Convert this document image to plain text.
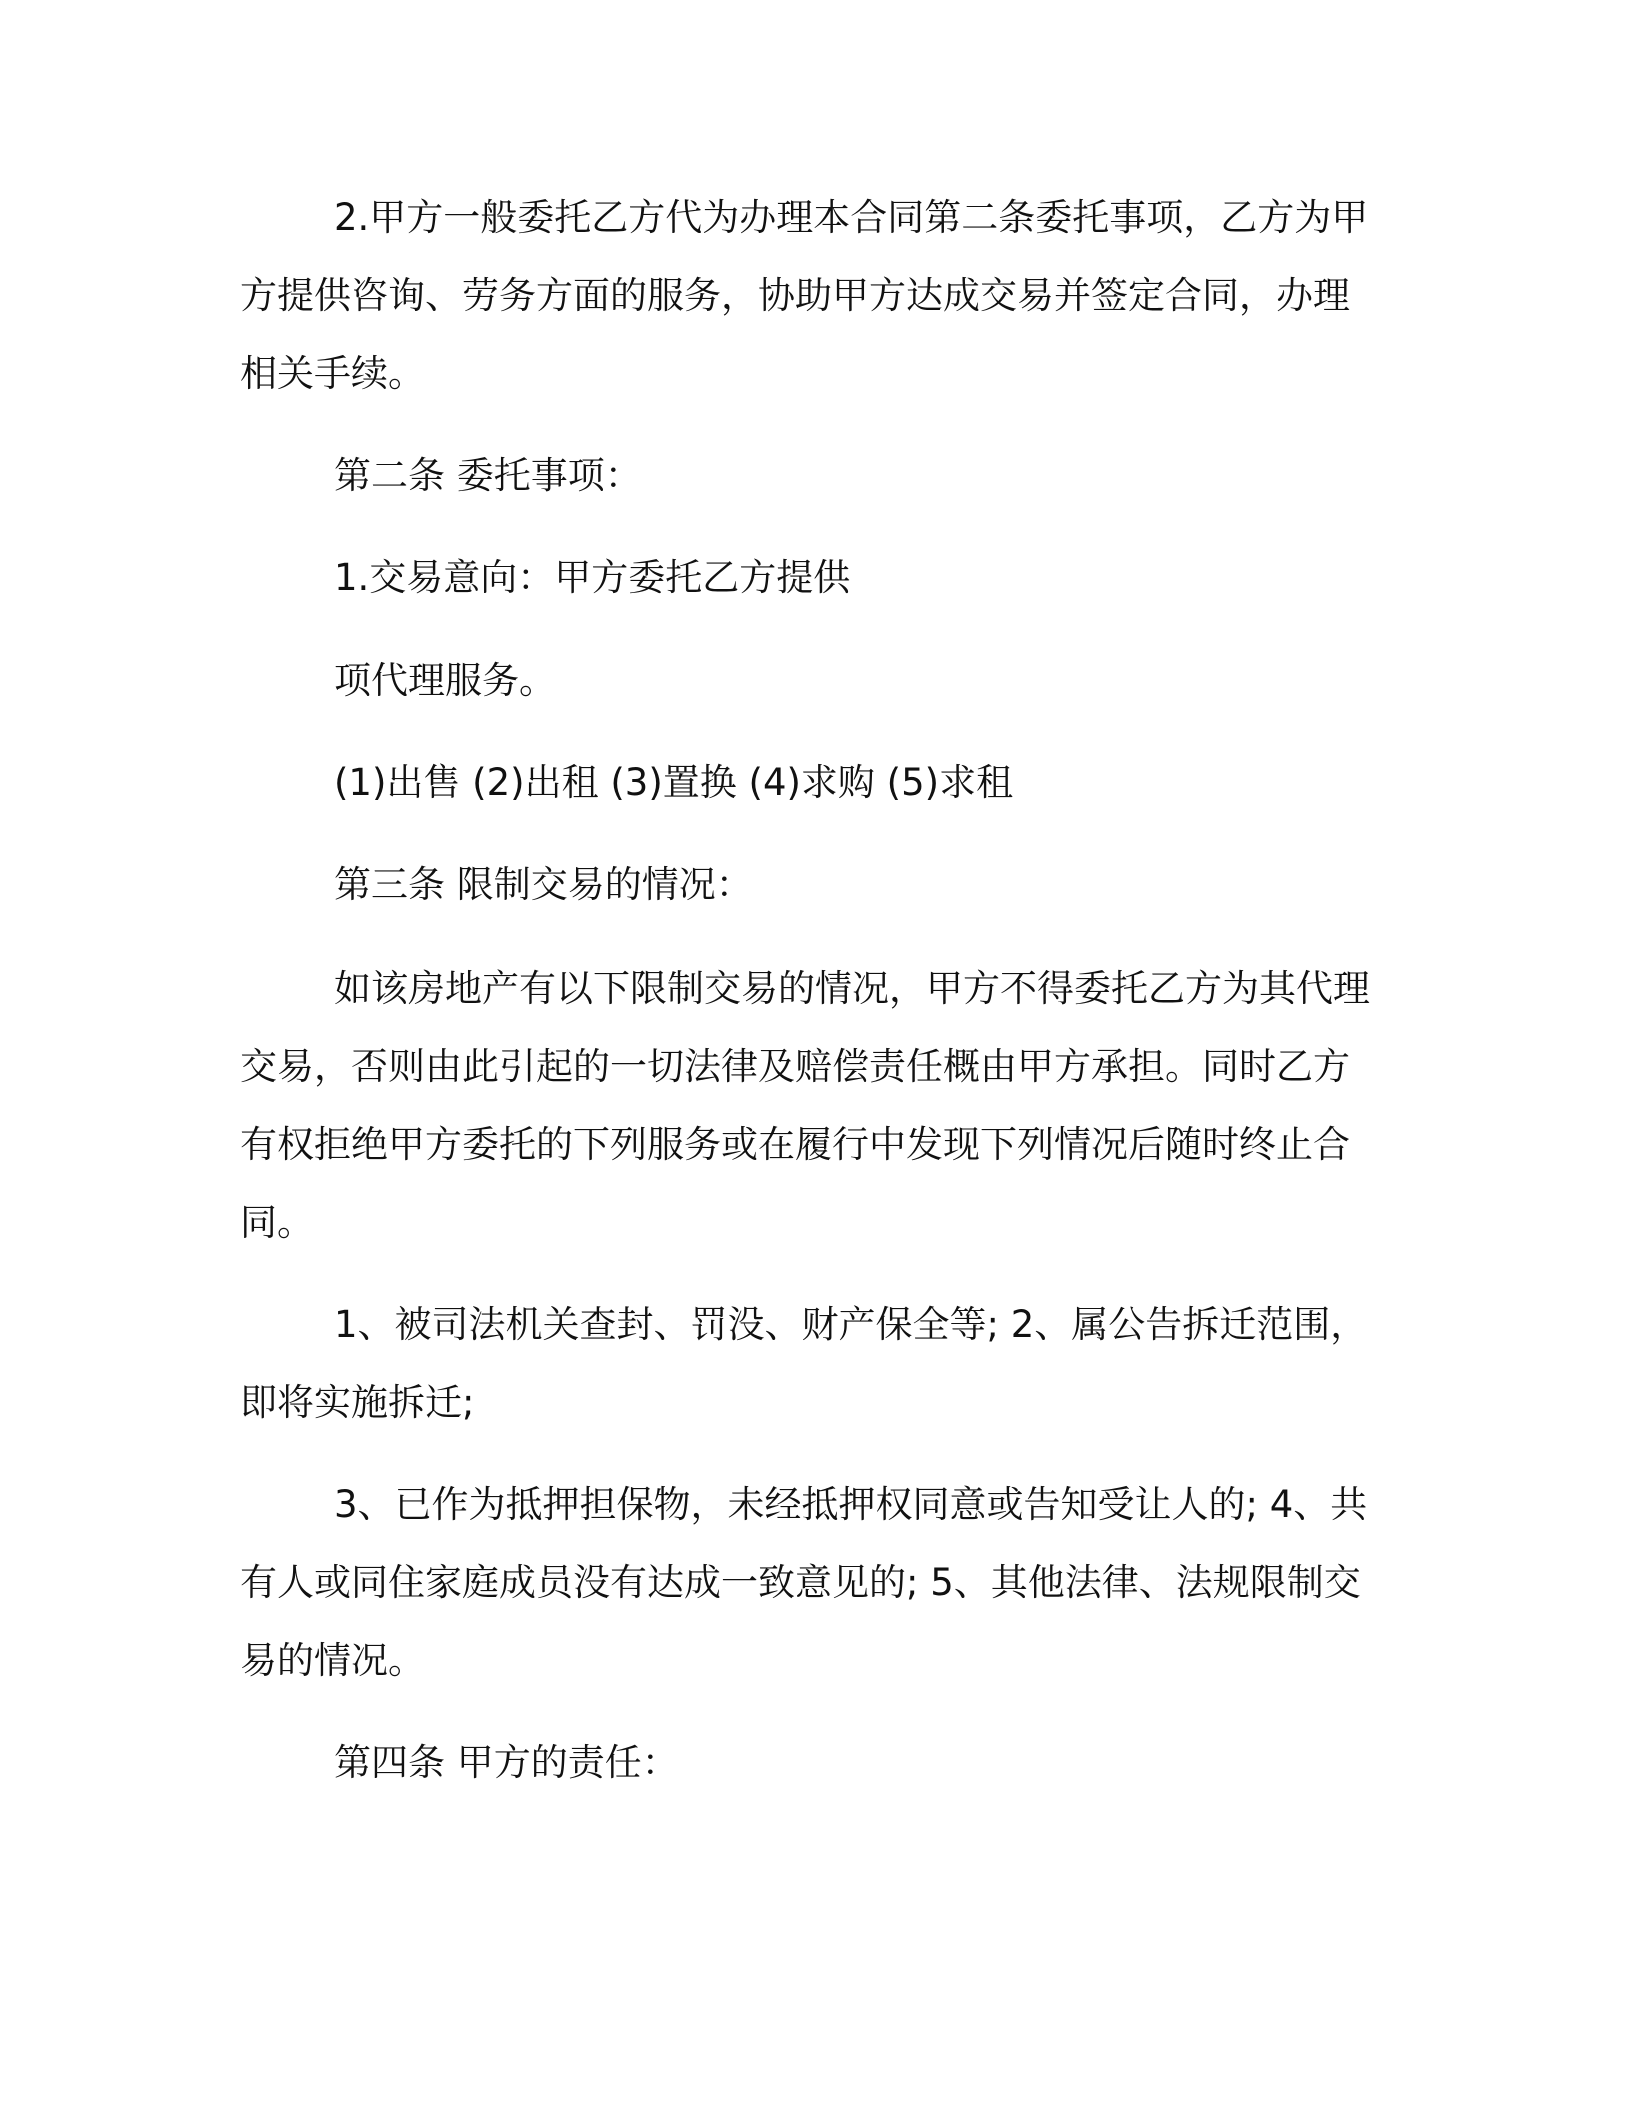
2.甲方一般委托乙方代为办理本合同第二条委托事项，乙方为甲
方提供咨询、劳务方面的服务，协助甲方达成交易并签定合同，办理
相关手续。
第二条 委托事项：
1.交易意向：甲方委托乙方提供
项代理服务。
(1)出售 (2)出租 (3)置换 (4)求购 (5)求租
第三条 限制交易的情况：
如该房地产有以下限制交易的情况，甲方不得委托乙方为其代理
交易，否则由此引起的一切法律及赔偿责任概由甲方承担。同时乙方
有权拒绝甲方委托的下列服务或在履行中发现下列情况后随时终止合
同。
1、被司法机关查封、罚没、财产保全等; 2、属公告拆迁范围，
即将实施拆迁;
3、已作为抵押担保物，未经抵押权同意或告知受让人的; 4、共
有人或同住家庭成员没有达成一致意见的; 5、其他法律、法规限制交
易的情况。
第四条 甲方的责任：
